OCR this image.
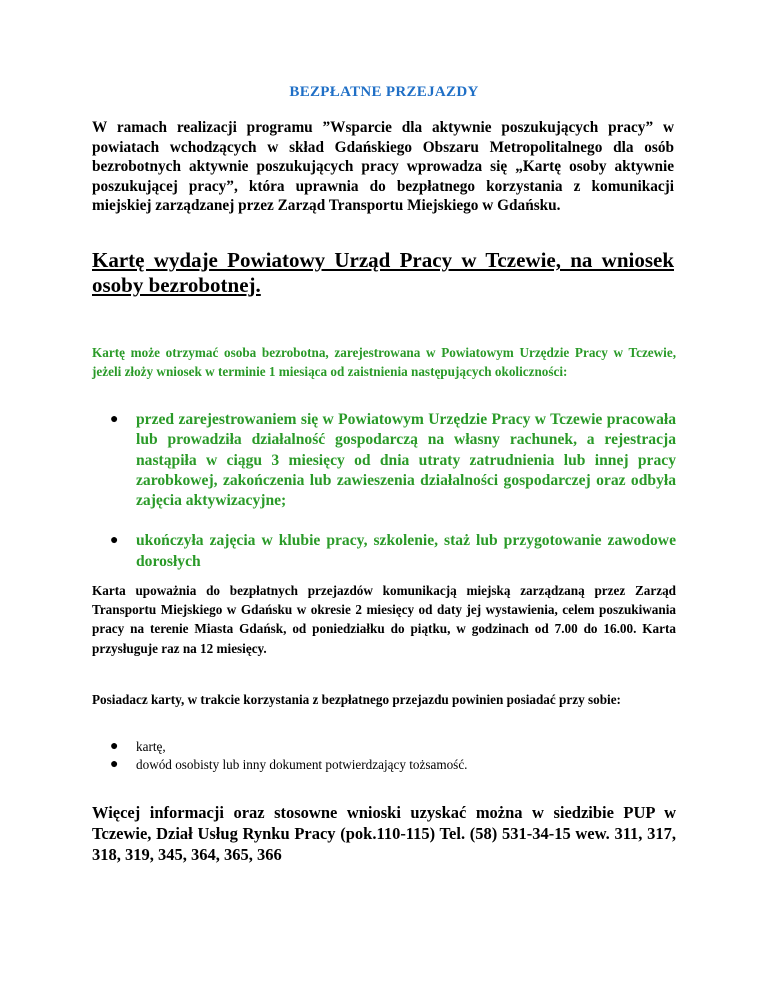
BEZPŁATNE PRZEJAZDY
W ramach realizacji programu ”Wsparcie dla aktywnie poszukujących pracy” w powiatach wchodzących w skład Gdańskiego Obszaru Metropolitalnego dla osób bezrobotnych aktywnie poszukujących pracy wprowadza się „Kartę osoby aktywnie poszukującej pracy”, która uprawnia do bezpłatnego korzystania z komunikacji miejskiej zarządzanej przez Zarząd Transportu Miejskiego w Gdańsku.
Kartę wydaje Powiatowy Urząd Pracy w Tczewie, na wniosek osoby bezrobotnej.
Kartę może otrzymać osoba bezrobotna, zarejestrowana w Powiatowym Urzędzie Pracy w Tczewie, jeżeli złoży wniosek w terminie 1 miesiąca od zaistnienia następujących okoliczności:
● przed zarejestrowaniem się w Powiatowym Urzędzie Pracy w Tczewie pracowała lub prowadziła działalność gospodarczą na własny rachunek, a rejestracja nastąpiła w ciągu 3 miesięcy od dnia utraty zatrudnienia lub innej pracy zarobkowej, zakończenia lub zawieszenia działalności gospodarczej oraz odbyła zajęcia aktywizacyjne;
● ukończyła zajęcia w klubie pracy, szkolenie, staż lub przygotowanie zawodowe dorosłych
Karta upoważnia do bezpłatnych przejazdów komunikacją miejską zarządzaną przez Zarząd Transportu Miejskiego w Gdańsku w okresie 2 miesięcy od daty jej wystawienia, celem poszukiwania pracy na terenie Miasta Gdańsk, od poniedziałku do piątku, w godzinach od 7.00 do 16.00. Karta przysługuje raz na 12 miesięcy.
Posiadacz karty, w trakcie korzystania z bezpłatnego przejazdu powinien posiadać przy sobie:
● kartę,
● dowód osobisty lub inny dokument potwierdzający tożsamość.
Więcej informacji oraz stosowne wnioski uzyskać można w siedzibie PUP w Tczewie, Dział Usług Rynku Pracy (pok.110-115) Tel. (58) 531-34-15 wew. 311, 317, 318, 319, 345, 364, 365, 366
